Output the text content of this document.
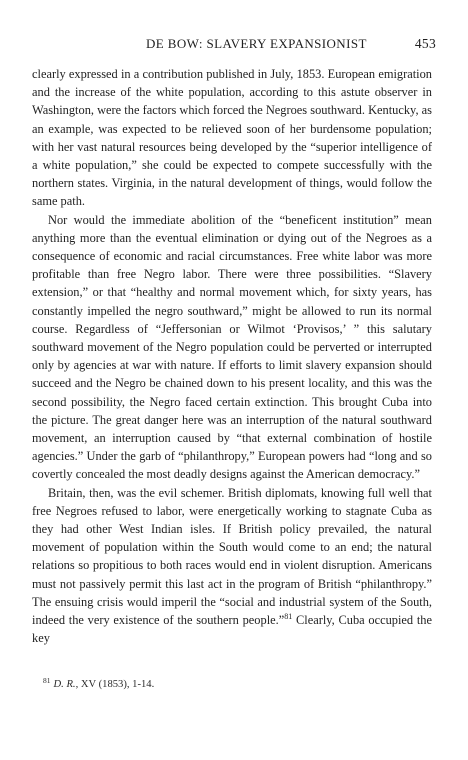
DE BOW: SLAVERY EXPANSIONIST	453

clearly expressed in a contribution published in July, 1853. European emigration and the increase of the white population, according to this astute observer in Washington, were the factors which forced the Negroes southward. Kentucky, as an example, was expected to be relieved soon of her burdensome population; with her vast natural resources being developed by the “superior intelligence of a white population,” she could be expected to compete successfully with the northern states. Virginia, in the natural development of things, would follow the same path.

Nor would the immediate abolition of the “beneficent institution” mean anything more than the eventual elimination or dying out of the Negroes as a consequence of economic and racial circumstances. Free white labor was more profitable than free Negro labor. There were three possibilities. “Slavery extension,” or that “healthy and normal movement which, for sixty years, has constantly impelled the negro southward,” might be allowed to run its normal course. Regardless of “Jeffersonian or Wilmot ‘Provisos,’ ” this salutary southward movement of the Negro population could be perverted or interrupted only by agencies at war with nature. If efforts to limit slavery expansion should succeed and the Negro be chained down to his present locality, and this was the second possibility, the Negro faced certain extinction. This brought Cuba into the picture. The great danger here was an interruption of the natural southward movement, an interruption caused by “that external combination of hostile agencies.” Under the garb of “philanthropy,” European powers had “long and so covertly concealed the most deadly designs against the American democracy.”

Britain, then, was the evil schemer. British diplomats, knowing full well that free Negroes refused to labor, were energetically working to stagnate Cuba as they had other West Indian isles. If British policy prevailed, the natural movement of population within the South would come to an end; the natural relations so propitious to both races would end in violent disruption. Americans must not passively permit this last act in the program of British “philanthropy.” The ensuing crisis would imperil the “social and industrial system of the South, indeed the very existence of the southern people.”$^{81}$ Clearly, Cuba occupied the key

$^{81}$ D. R., XV (1853), 1-14.
